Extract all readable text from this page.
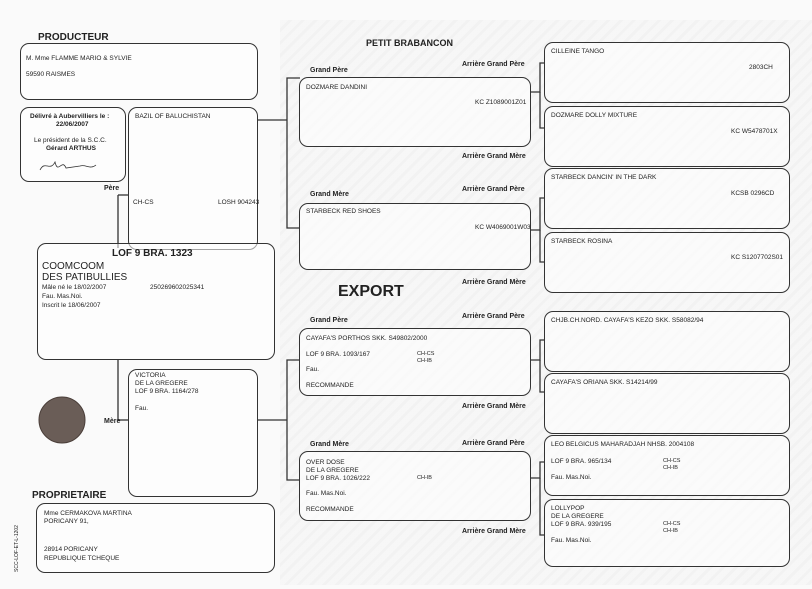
PRODUCTEUR	PETIT BRABANCON
PROPRIETAIRE
EXPORT
M. Mme FLAMME MARIO & SYLVIE
59590 RAISMES
Délivré à Aubervilliers le :
22/06/2007
Le président de la S.C.C.
Gérard ARTHUS
BAZIL OF BALUCHISTAN
CH-CS	LOSH 904243
Père
LOF 9 BRA. 1323
COOMCOOM
DES PATIBULLIES
Mâle né le 18/02/2007	250269602025341
Fau. Mas.Noi.
Inscrit le 18/06/2007
VICTORIA
DE LA GREGERE
LOF 9 BRA. 1164/278
Fau.
Mère
Mme CERMAKOVA MARTINA
PORICANY 91,
28914 PORICANY
REPUBLIQUE TCHEQUE
SCC-LOF-ET-L-1202
Grand Père
Grand Mère
Grand Père
Grand Mère
Arrière Grand Père
Arrière Grand Mère
Arrière Grand Père
Arrière Grand Mère
Arrière Grand Père
Arrière Grand Mère
Arrière Grand Père
Arrière Grand Mère
DOZMARE DANDINI
KC Z1089001Z01
STARBECK RED SHOES
KC W4069001W03
CAYAFA'S PORTHOS SKK. S49802/2000
LOF 9 BRA. 1093/167	CH-CS
CH-IB
Fau.
RECOMMANDE
OVER DOSE
DE LA GREGERE
LOF 9 BRA. 1026/222	CH-IB
Fau. Mas.Noi.
RECOMMANDE
CILLEINE TANGO
2803CH
DOZMARE DOLLY MIXTURE
KC W5478701X
STARBECK DANCIN' IN THE DARK
KCSB 0296CD
STARBECK ROSINA
KC S1207702S01
CHJB.CH.NORD. CAYAFA'S KEZO SKK. S58082/94
CAYAFA'S ORIANA SKK. S14214/99
LEO BELGICUS MAHARADJAH NHSB. 2004108
LOF 9 BRA. 965/134	CH-CS
CH-IB
Fau. Mas.Noi.
LOLLYPOP
DE LA GREGERE
LOF 9 BRA. 939/195	CH-CS
CH-IB
Fau. Mas.Noi.
